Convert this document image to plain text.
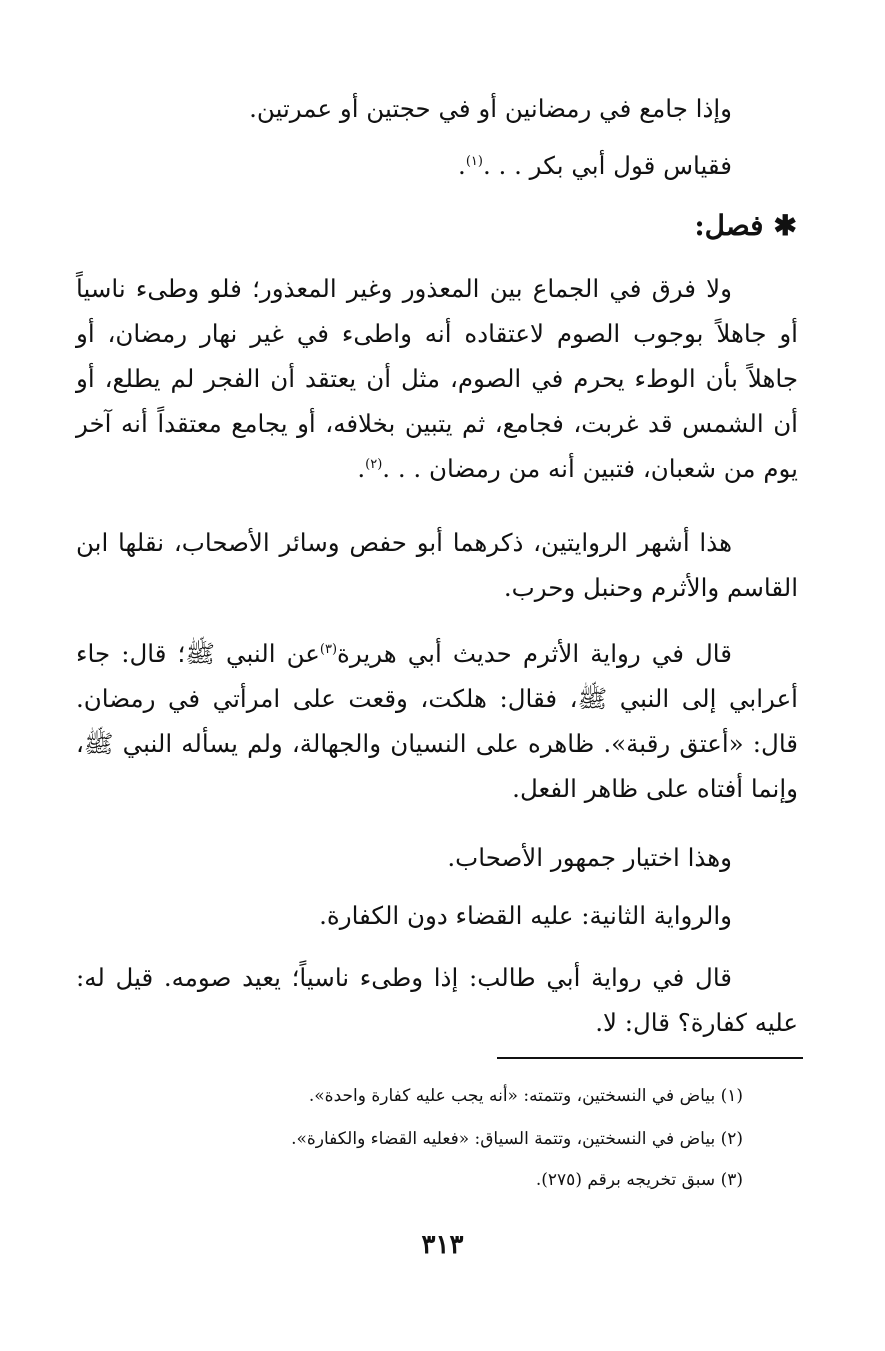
وإذا جامع في رمضانين أو في حجتين أو عمرتين.

فقياس قول أبي بكر . . .$^{(١)}$.

✱فصل:

ولا فرق في الجماع بين المعذور وغير المعذور؛ فلو وطىء ناسياً أو جاهلاً بوجوب الصوم لاعتقاده أنه واطىء في غير نهار رمضان، أو جاهلاً بأن الوطء يحرم في الصوم، مثل أن يعتقد أن الفجر لم يطلع، أو أن الشمس قد غربت، فجامع، ثم يتبين بخلافه، أو يجامع معتقداً أنه آخر يوم من شعبان، فتبين أنه من رمضان . . .$^{(٢)}$.

هذا أشهر الروايتين، ذكرهما أبو حفص وسائر الأصحاب، نقلها ابن القاسم والأثرم وحنبل وحرب.

قال في رواية الأثرم حديث أبي هريرة$^{(٣)}$عن النبي ﷺ؛ قال: جاء أعرابي إلى النبي ﷺ، فقال: هلكت، وقعت على امرأتي في رمضان. قال: «أعتق رقبة». ظاهره على النسيان والجهالة، ولم يسأله النبي ﷺ، وإنما أفتاه على ظاهر الفعل.

وهذا اختيار جمهور الأصحاب.

والرواية الثانية: عليه القضاء دون الكفارة.

قال في رواية أبي طالب: إذا وطىء ناسياً؛ يعيد صومه. قيل له: عليه كفارة؟ قال: لا.

(١) بياض في النسختين، وتتمته: «أنه يجب عليه كفارة واحدة».

(٢) بياض في النسختين، وتتمة السياق: «فعليه القضاء والكفارة».

(٣) سبق تخريجه برقم (٢٧٥).

٣١٣
